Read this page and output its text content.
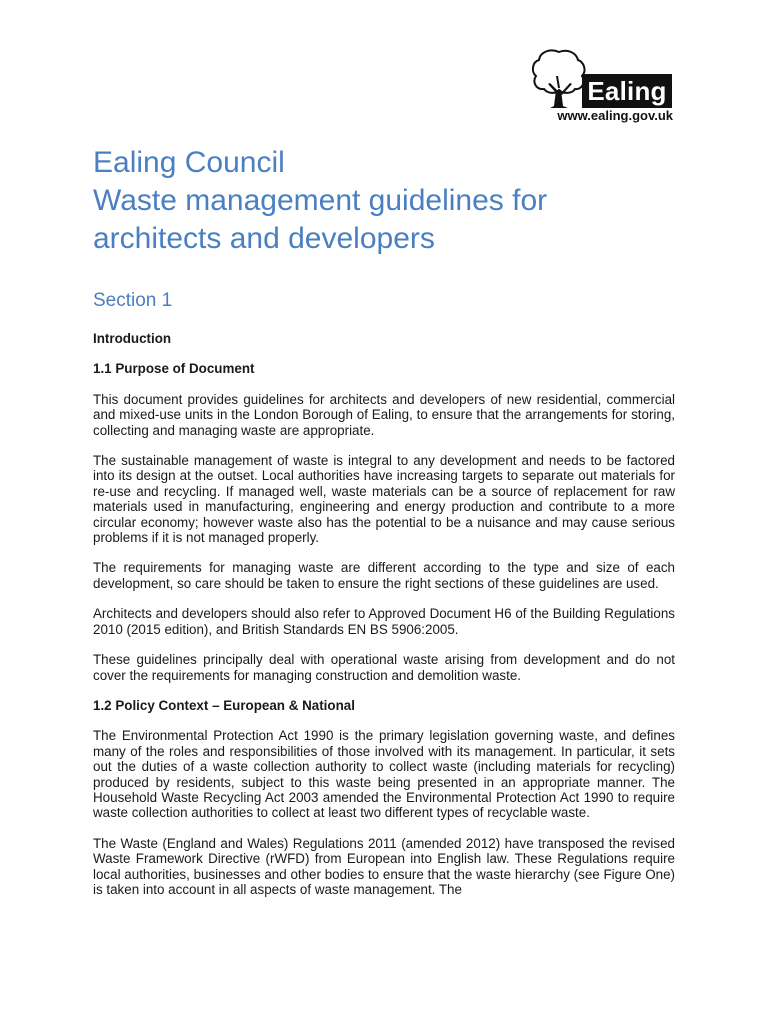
Ealing
www.ealing.gov.uk
Ealing Council
Waste management guidelines for
architects and developers
Section 1
Introduction
1.1 Purpose of Document

This document provides guidelines for architects and developers of new residential, commercial and mixed-use units in the London Borough of Ealing, to ensure that the arrangements for storing, collecting and managing waste are appropriate.

The sustainable management of waste is integral to any development and needs to be factored into its design at the outset. Local authorities have increasing targets to separate out materials for re-use and recycling. If managed well, waste materials can be a source of replacement for raw materials used in manufacturing, engineering and energy production and contribute to a more circular economy; however waste also has the potential to be a nuisance and may cause serious problems if it is not managed properly.

The requirements for managing waste are different according to the type and size of each development, so care should be taken to ensure the right sections of these guidelines are used.

Architects and developers should also refer to Approved Document H6 of the Building Regulations 2010 (2015 edition), and British Standards EN BS 5906:2005.

These guidelines principally deal with operational waste arising from development and do not cover the requirements for managing construction and demolition waste.

1.2 Policy Context – European & National

The Environmental Protection Act 1990 is the primary legislation governing waste, and defines many of the roles and responsibilities of those involved with its management. In particular, it sets out the duties of a waste collection authority to collect waste (including materials for recycling) produced by residents, subject to this waste being presented in an appropriate manner. The Household Waste Recycling Act 2003 amended the Environmental Protection Act 1990 to require waste collection authorities to collect at least two different types of recyclable waste.

The Waste (England and Wales) Regulations 2011 (amended 2012) have transposed the revised Waste Framework Directive (rWFD) from European into English law. These Regulations require local authorities, businesses and other bodies to ensure that the waste hierarchy (see Figure One) is taken into account in all aspects of waste management. The
